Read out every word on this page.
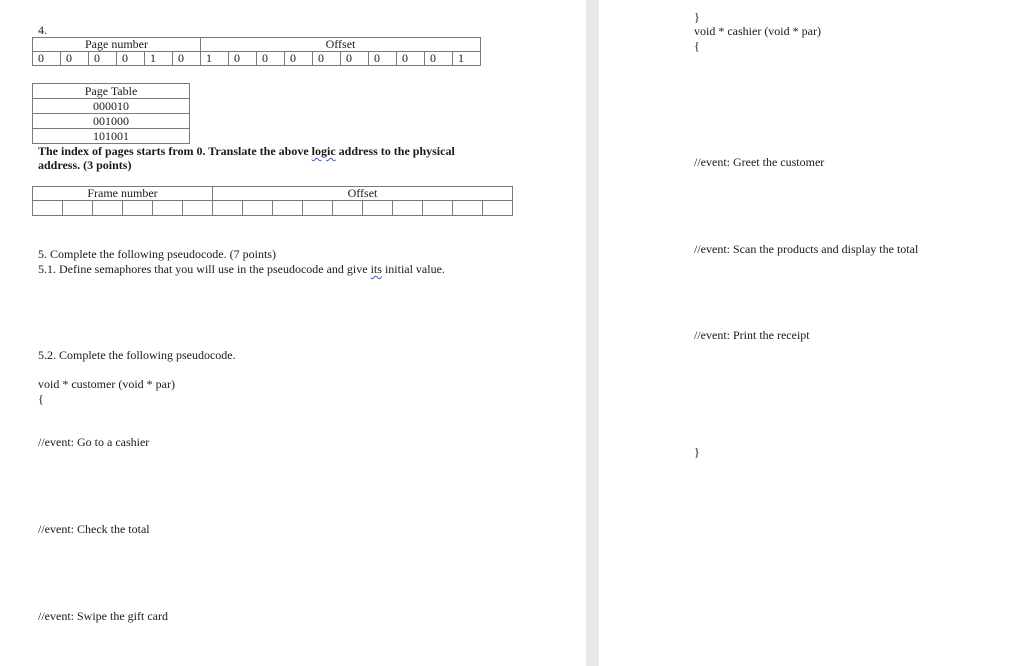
4.
Page number						Offset									
0	0	0	0	1	0	1	0	0	0	0	0	0	0	0	1
Page Table
000010
001000
101001
The index of pages starts from 0. Translate the above logic address to the physical
address. (3 points)
Frame number						Offset									

5. Complete the following pseudocode. (7 points)
5.1. Define semaphores that you will use in the pseudocode and give its initial value.
5.2. Complete the following pseudocode.
void * customer (void * par)
{
//event: Go to a cashier
//event: Check the total
//event: Swipe the gift card
}
void * cashier (void * par)
{
//event: Greet the customer
//event: Scan the products and display the total
//event: Print the receipt
}
